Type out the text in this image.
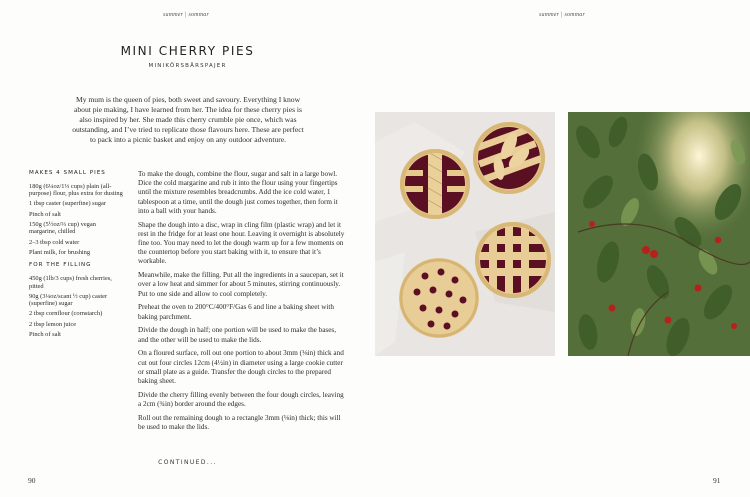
summer | sommar
MINI CHERRY PIES
MINIKÖRSBÄRSPAJER

My mum is the queen of pies, both sweet and savoury. Everything I know about pie making, I have learned from her. The idea for these cherry pies is also inspired by her. She made this cherry crumble pie once, which was outstanding, and I’ve tried to replicate those flavours here. These are perfect to pack into a picnic basket and enjoy on any outdoor adventure.

MAKES 4 SMALL PIES
180g (6¼oz/1⅓ cups) plain (all-purpose) flour, plus extra for dusting
1 tbsp caster (superfine) sugar
Pinch of salt
150g (5½oz/⅔ cup) vegan margarine, chilled
2–3 tbsp cold water
Plant milk, for brushing
FOR THE FILLING
450g (1lb/3 cups) fresh cherries, pitted
90g (3¼oz/scant ½ cup) caster (superfine) sugar
2 tbsp cornflour (cornstarch)
2 tbsp lemon juice
Pinch of salt

To make the dough, combine the flour, sugar and salt in a large bowl. Dice the cold margarine and rub it into the flour using your fingertips until the mixture resembles breadcrumbs. Add the ice cold water, 1 tablespoon at a time, until the dough just comes together, then form it into a ball with your hands.

Shape the dough into a disc, wrap in cling film (plastic wrap) and let it rest in the fridge for at least one hour. Leaving it overnight is absolutely fine too. You may need to let the dough warm up for a few moments on the countertop before you start baking with it, to ensure that it’s workable.

Meanwhile, make the filling. Put all the ingredients in a saucepan, set it over a low heat and simmer for about 5 minutes, stirring continuously. Put to one side and allow to cool completely.

Preheat the oven to 200°C/400°F/Gas 6 and line a baking sheet with baking parchment.

Divide the dough in half; one portion will be used to make the bases, and the other will be used to make the lids.

On a floured surface, roll out one portion to about 3mm (⅛in) thick and cut out four circles 12cm (4½in) in diameter using a large cookie cutter or small plate as a guide. Transfer the dough circles to the prepared baking sheet.

Divide the cherry filling evenly between the four dough circles, leaving a 2cm (¾in) border around the edges.

Roll out the remaining dough to a rectangle 3mm (⅛in) thick; this will be used to make the lids.

CONTINUED...
90
summer | sommar
91
